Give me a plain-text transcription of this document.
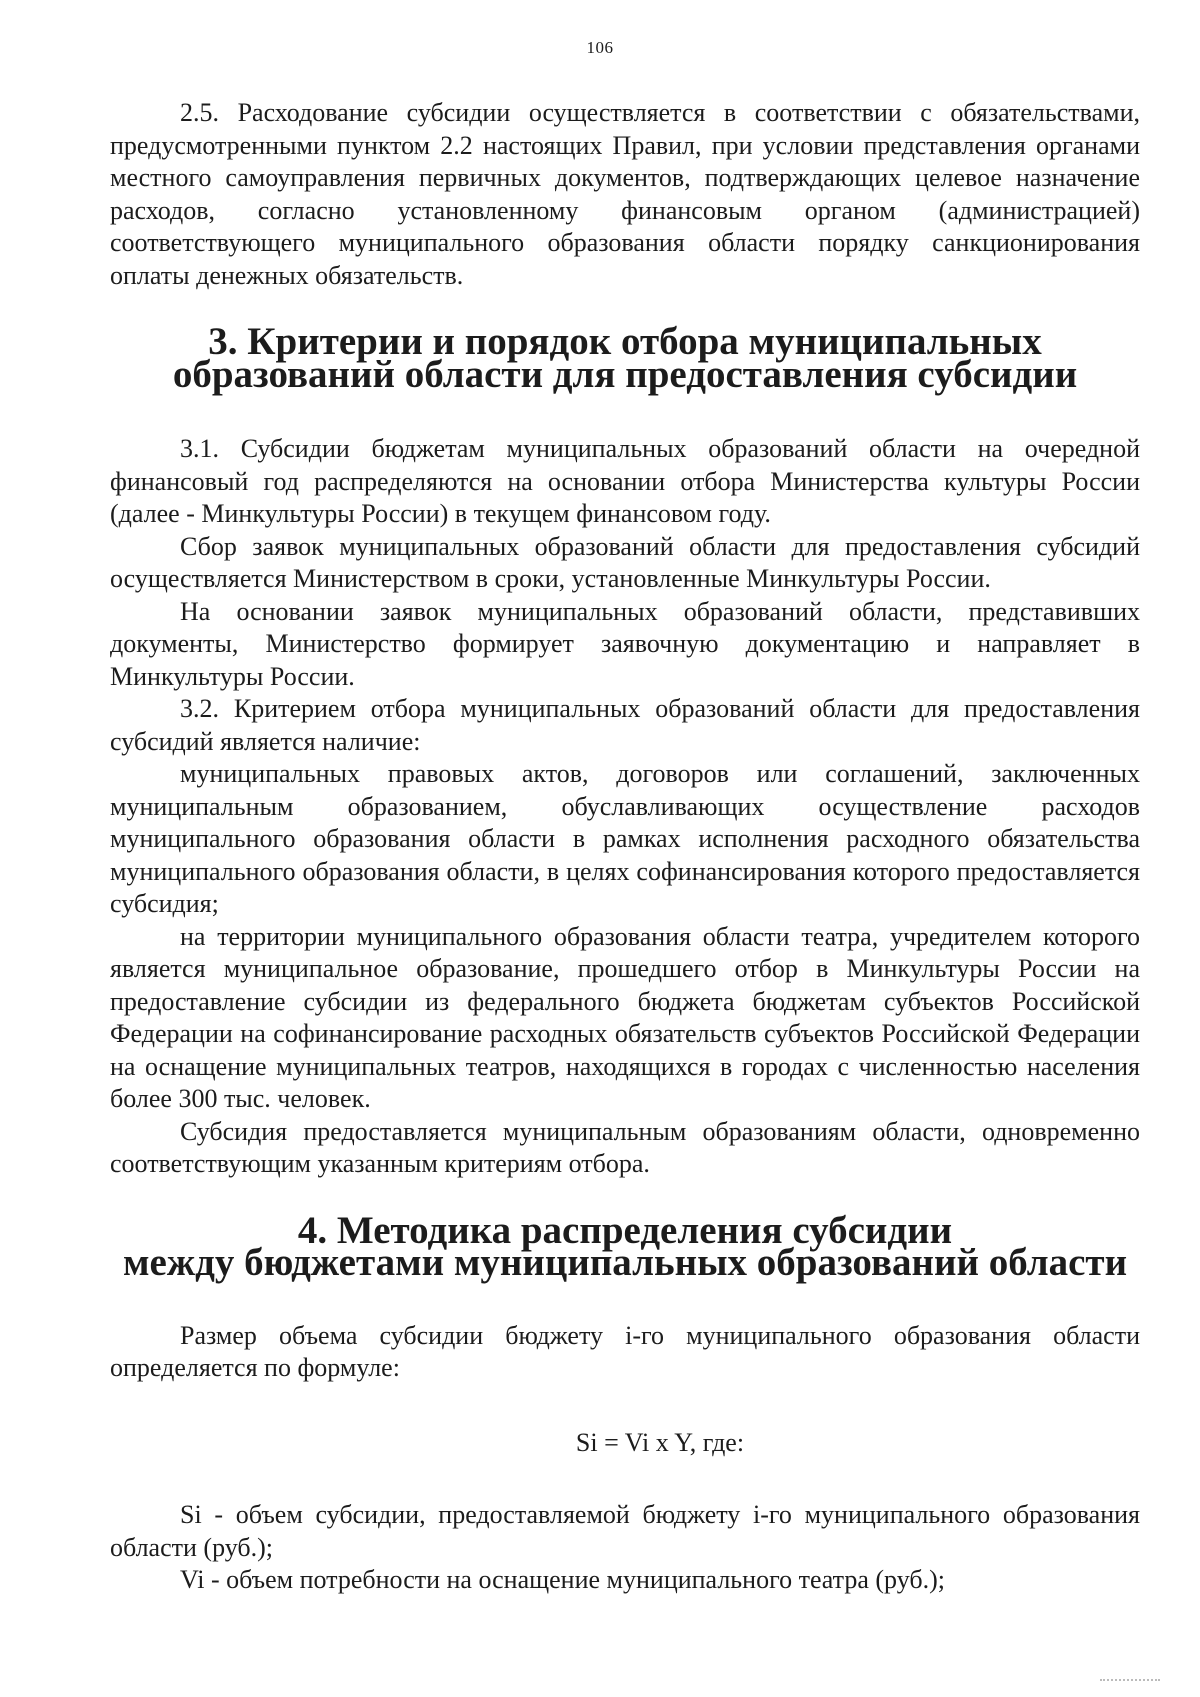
106

2.5. Расходование субсидии осуществляется в соответствии с обязательствами, предусмотренными пунктом 2.2 настоящих Правил, при условии представления органами местного самоуправления первичных документов, подтверждающих целевое назначение расходов, согласно установленному финансовым органом (администрацией) соответствующего муниципального образования области порядку санкционирования оплаты денежных обязательств.

3. Критерии и порядок отбора муниципальных
образований области для предоставления субсидии

3.1. Субсидии бюджетам муниципальных образований области на очередной финансовый год распределяются на основании отбора Министерства культуры России (далее - Минкультуры России) в текущем финансовом году.

Сбор заявок муниципальных образований области для предоставления субсидий осуществляется Министерством в сроки, установленные Минкультуры России.

На основании заявок муниципальных образований области, представивших документы, Министерство формирует заявочную документацию и направляет в Минкультуры России.

3.2. Критерием отбора муниципальных образований области для предоставления субсидий является наличие:

муниципальных правовых актов, договоров или соглашений, заключенных муниципальным образованием, обуславливающих осуществление расходов муниципального образования области в рамках исполнения расходного обязательства муниципального образования области, в целях софинансирования которого предоставляется субсидия;

на территории муниципального образования области театра, учредителем которого является муниципальное образование, прошедшего отбор в Минкультуры России на предоставление субсидии из федерального бюджета бюджетам субъектов Российской Федерации на софинансирование расходных обязательств субъектов Российской Федерации на оснащение муниципальных театров, находящихся в городах с численностью населения более 300 тыс. человек.

Субсидия предоставляется муниципальным образованиям области, одновременно соответствующим указанным критериям отбора.

4. Методика распределения субсидии
между бюджетами муниципальных образований области

Размер объема субсидии бюджету i-го муниципального образования области определяется по формуле:

Si = Vi x Y, где:

Si - объем субсидии, предоставляемой бюджету i-го муниципального образования области (руб.);

Vi - объем потребности на оснащение муниципального театра (руб.);
